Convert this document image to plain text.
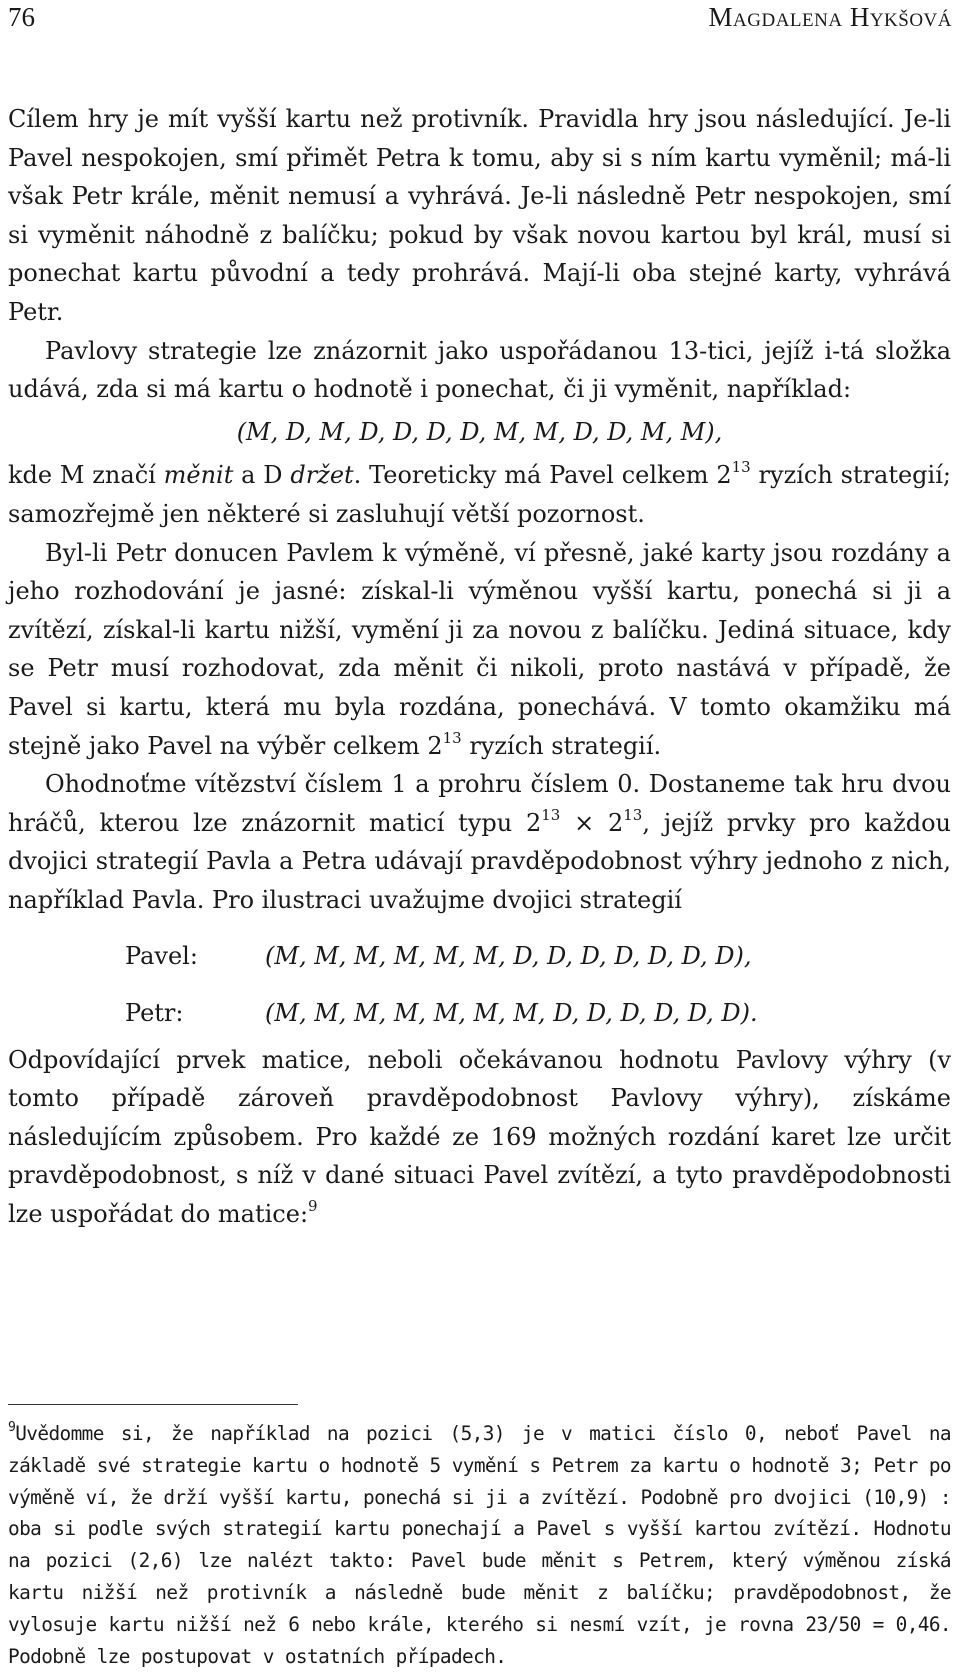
76	Magdalena Hykšová

Cílem hry je mít vyšší kartu než protivník. Pravidla hry jsou následující. Je-li Pavel nespokojen, smí přimět Petra k tomu, aby si s ním kartu vyměnil; má-li však Petr krále, měnit nemusí a vyhrává. Je-li následně Petr nespokojen, smí si vyměnit náhodně z balíčku; pokud by však novou kartou byl král, musí si ponechat kartu původní a tedy prohrává. Mají-li oba stejné karty, vyhrává Petr.

Pavlovy strategie lze znázornit jako uspořádanou 13-tici, jejíž i-tá složka udává, zda si má kartu o hodnotě i ponechat, či ji vyměnit, například:

(M, D, M, D, D, D, D, M, M, D, D, M, M),

kde M značí měnit a D držet. Teoreticky má Pavel celkem $2^{13}$ ryzích strategií; samozřejmě jen některé si zasluhují větší pozornost.

Byl-li Petr donucen Pavlem k výměně, ví přesně, jaké karty jsou rozdány a jeho rozhodování je jasné: získal-li výměnou vyšší kartu, ponechá si ji a zvítězí, získal-li kartu nižší, vymění ji za novou z balíčku. Jediná situace, kdy se Petr musí rozhodovat, zda měnit či nikoli, proto nastává v případě, že Pavel si kartu, která mu byla rozdána, ponechává. V tomto okamžiku má stejně jako Pavel na výběr celkem $2^{13}$ ryzích strategií.

Ohodnoťme vítězství číslem 1 a prohru číslem 0. Dostaneme tak hru dvou hráčů, kterou lze znázornit maticí typu $2^{13} \times 2^{13}$, jejíž prvky pro každou dvojici strategií Pavla a Petra udávají pravděpodobnost výhry jednoho z nich, například Pavla. Pro ilustraci uvažujme dvojici strategií

Pavel:	(M, M, M, M, M, M, D, D, D, D, D, D, D),
Petr:	(M, M, M, M, M, M, M, D, D, D, D, D, D).

Odpovídající prvek matice, neboli očekávanou hodnotu Pavlovy výhry (v tomto případě zároveň pravděpodobnost Pavlovy výhry), získáme následujícím způsobem. Pro každé ze 169 možných rozdání karet lze určit pravděpodobnost, s níž v dané situaci Pavel zvítězí, a tyto pravděpodobnosti lze uspořádat do matice:$^9$

$^9$Uvědomme si, že například na pozici (5,3) je v matici číslo 0, neboť Pavel na základě své strategie kartu o hodnotě 5 vymění s Petrem za kartu o hodnotě 3; Petr po výměně ví, že drží vyšší kartu, ponechá si ji a zvítězí. Podobně pro dvojici (10,9) : oba si podle svých strategií kartu ponechají a Pavel s vyšší kartou zvítězí. Hodnotu na pozici (2,6) lze nalézt takto: Pavel bude měnit s Petrem, který výměnou získá kartu nižší než protivník a následně bude měnit z balíčku; pravděpodobnost, že vylosuje kartu nižší než 6 nebo krále, kterého si nesmí vzít, je rovna 23/50 = 0,46. Podobně lze postupovat v ostatních případech.
